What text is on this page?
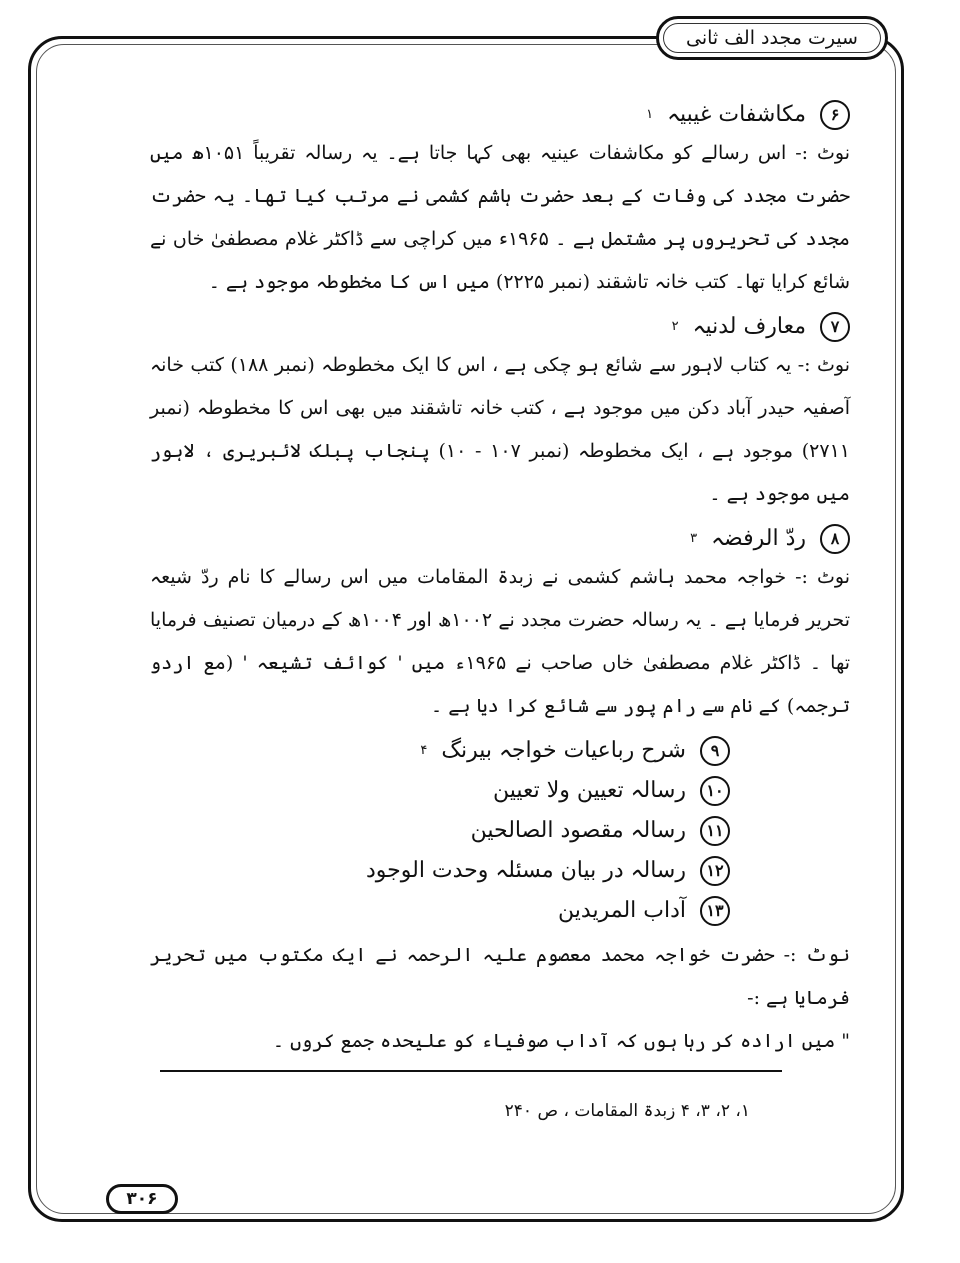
سیرت مجدد الف ثانی
۶
مکاشفات غیبیہ
۱

نوٹ :- اس رسالے کو مکاشفات عینیہ بھی کہا جاتا ہے۔ یہ رسالہ تقریباً ۱۰۵۱ھ میں حضرت مجدد کی وفات کے بعد حضرت ہاشم کشمی نے مرتب کیا تھا۔ یہ حضرت مجدد کی تحریروں پر مشتمل ہے ۔ ۱۹۶۵ء میں کراچی سے ڈاکٹر غلام مصطفیٰ خاں نے شائع کرایا تھا۔ کتب خانہ تاشقند (نمبر ۲۲۲۵) میں اس کا مخطوطہ موجود ہے ۔

۷
معارف لدنیہ
۲

نوٹ :- یہ کتاب لاہور سے شائع ہو چکی ہے ، اس کا ایک مخطوطہ (نمبر ۱۸۸) کتب خانہ آصفیہ حیدر آباد دکن میں موجود ہے ، کتب خانہ تاشقند میں بھی اس کا مخطوطہ (نمبر ۲۷۱۱) موجود ہے ، ایک مخطوطہ (نمبر ۱۰۷ - ۱۰) پنجاب پبلک لائبریری ، لاہور میں موجود ہے ۔

۸
ردّ الرفضہ
۳

نوٹ :- خواجہ محمد ہاشم کشمی نے زبدۃ المقامات میں اس رسالے کا نام ردّ شیعہ تحریر فرمایا ہے ۔ یہ رسالہ حضرت مجدد نے ۱۰۰۲ھ اور ۱۰۰۴ھ کے درمیان تصنیف فرمایا تھا ۔ ڈاکٹر غلام مصطفیٰ خاں صاحب نے ۱۹۶۵ء میں ' کوائف تشیعہ ' (مع اردو ترجمہ) کے نام سے رام پور سے شائع کرا دیا ہے ۔

۹
شرح رباعیات خواجہ بیرنگ
۴
۱۰
رسالہ تعیین ولا تعیین
۱۱
رسالہ مقصود الصالحین
۱۲
رسالہ در بیان مسئلہ وحدت الوجود
۱۳
آداب المریدین

نوٹ :- حضرت خواجہ محمد معصوم علیہ الرحمہ نے ایک مکتوب میں تحریر فرمایا ہے :-
" میں ارادہ کر رہا ہوں کہ آداب صوفیاء کو علیحدہ جمع کروں ۔

۱، ۲، ۳، ۴ زبدۃ المقامات ، ص ۲۴۰
۳۰۶
